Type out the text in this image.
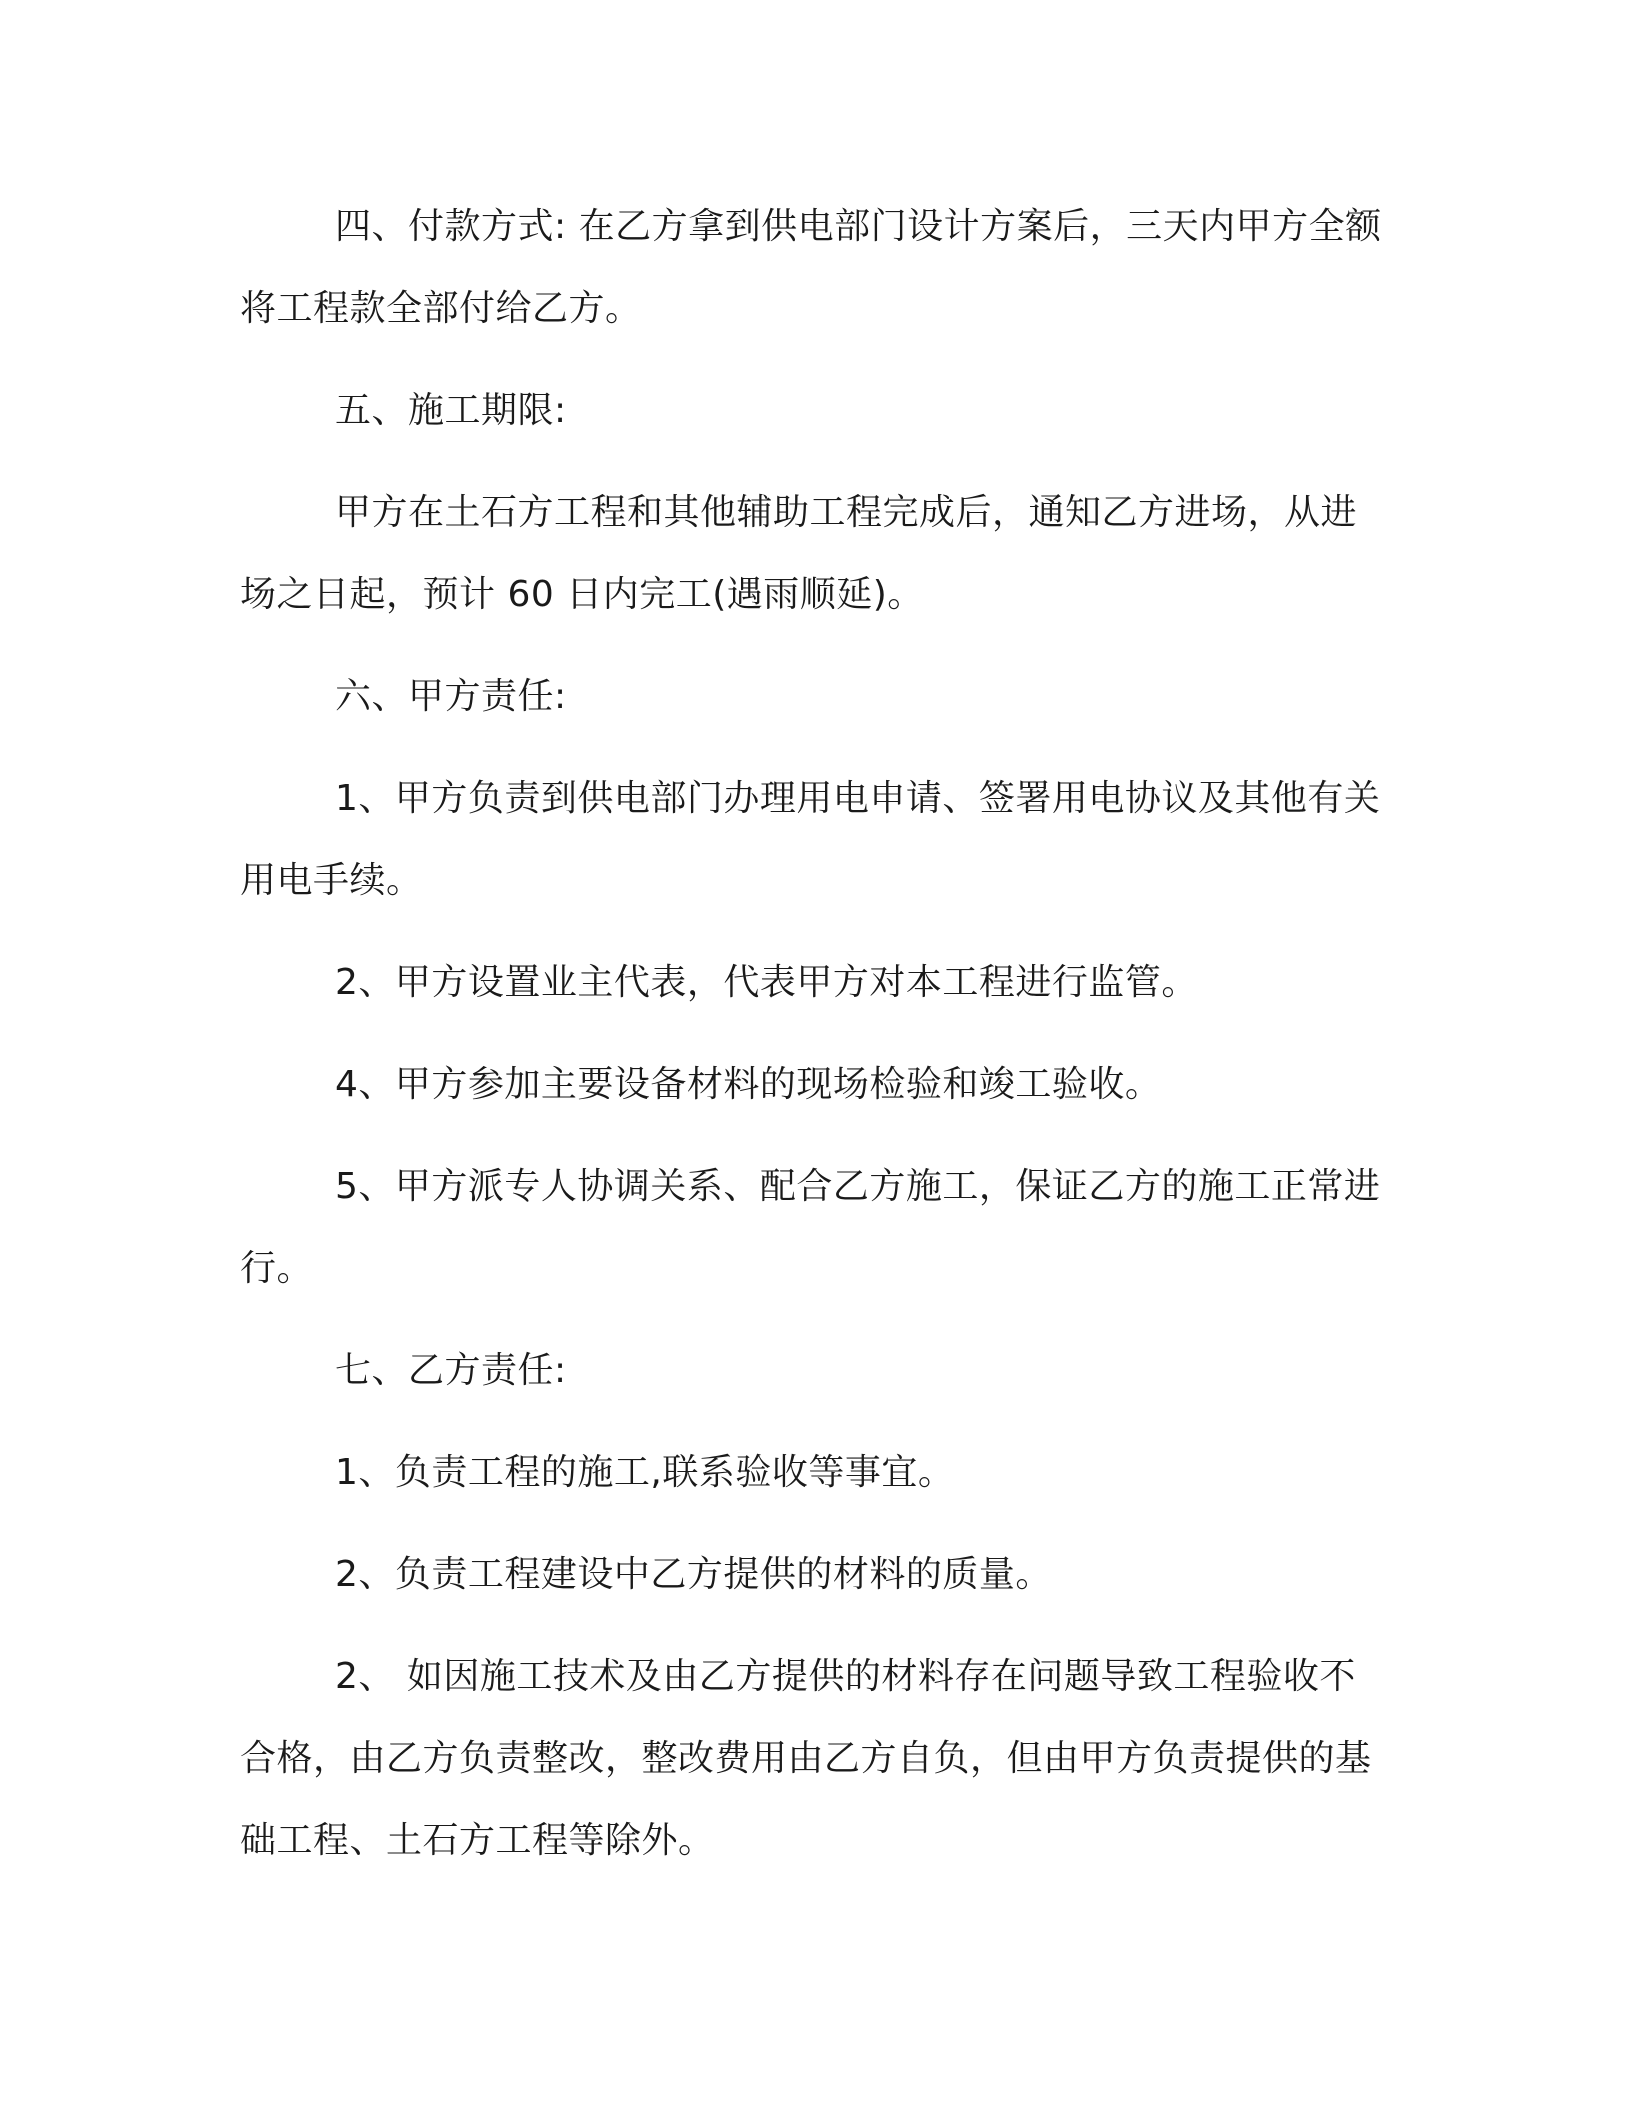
四、付款方式: 在乙方拿到供电部门设计方案后，三天内甲方全额将工程款全部付给乙方。

五、施工期限:

甲方在土石方工程和其他辅助工程完成后，通知乙方进场，从进场之日起，预计 60 日内完工(遇雨顺延)。

六、甲方责任:

1、甲方负责到供电部门办理用电申请、签署用电协议及其他有关用电手续。

2、甲方设置业主代表，代表甲方对本工程进行监管。

4、甲方参加主要设备材料的现场检验和竣工验收。

5、甲方派专人协调关系、配合乙方施工，保证乙方的施工正常进行。

七、乙方责任:

1、负责工程的施工,联系验收等事宜。

2、负责工程建设中乙方提供的材料的质量。

2、 如因施工技术及由乙方提供的材料存在问题导致工程验收不合格，由乙方负责整改，整改费用由乙方自负，但由甲方负责提供的基础工程、土石方工程等除外。
